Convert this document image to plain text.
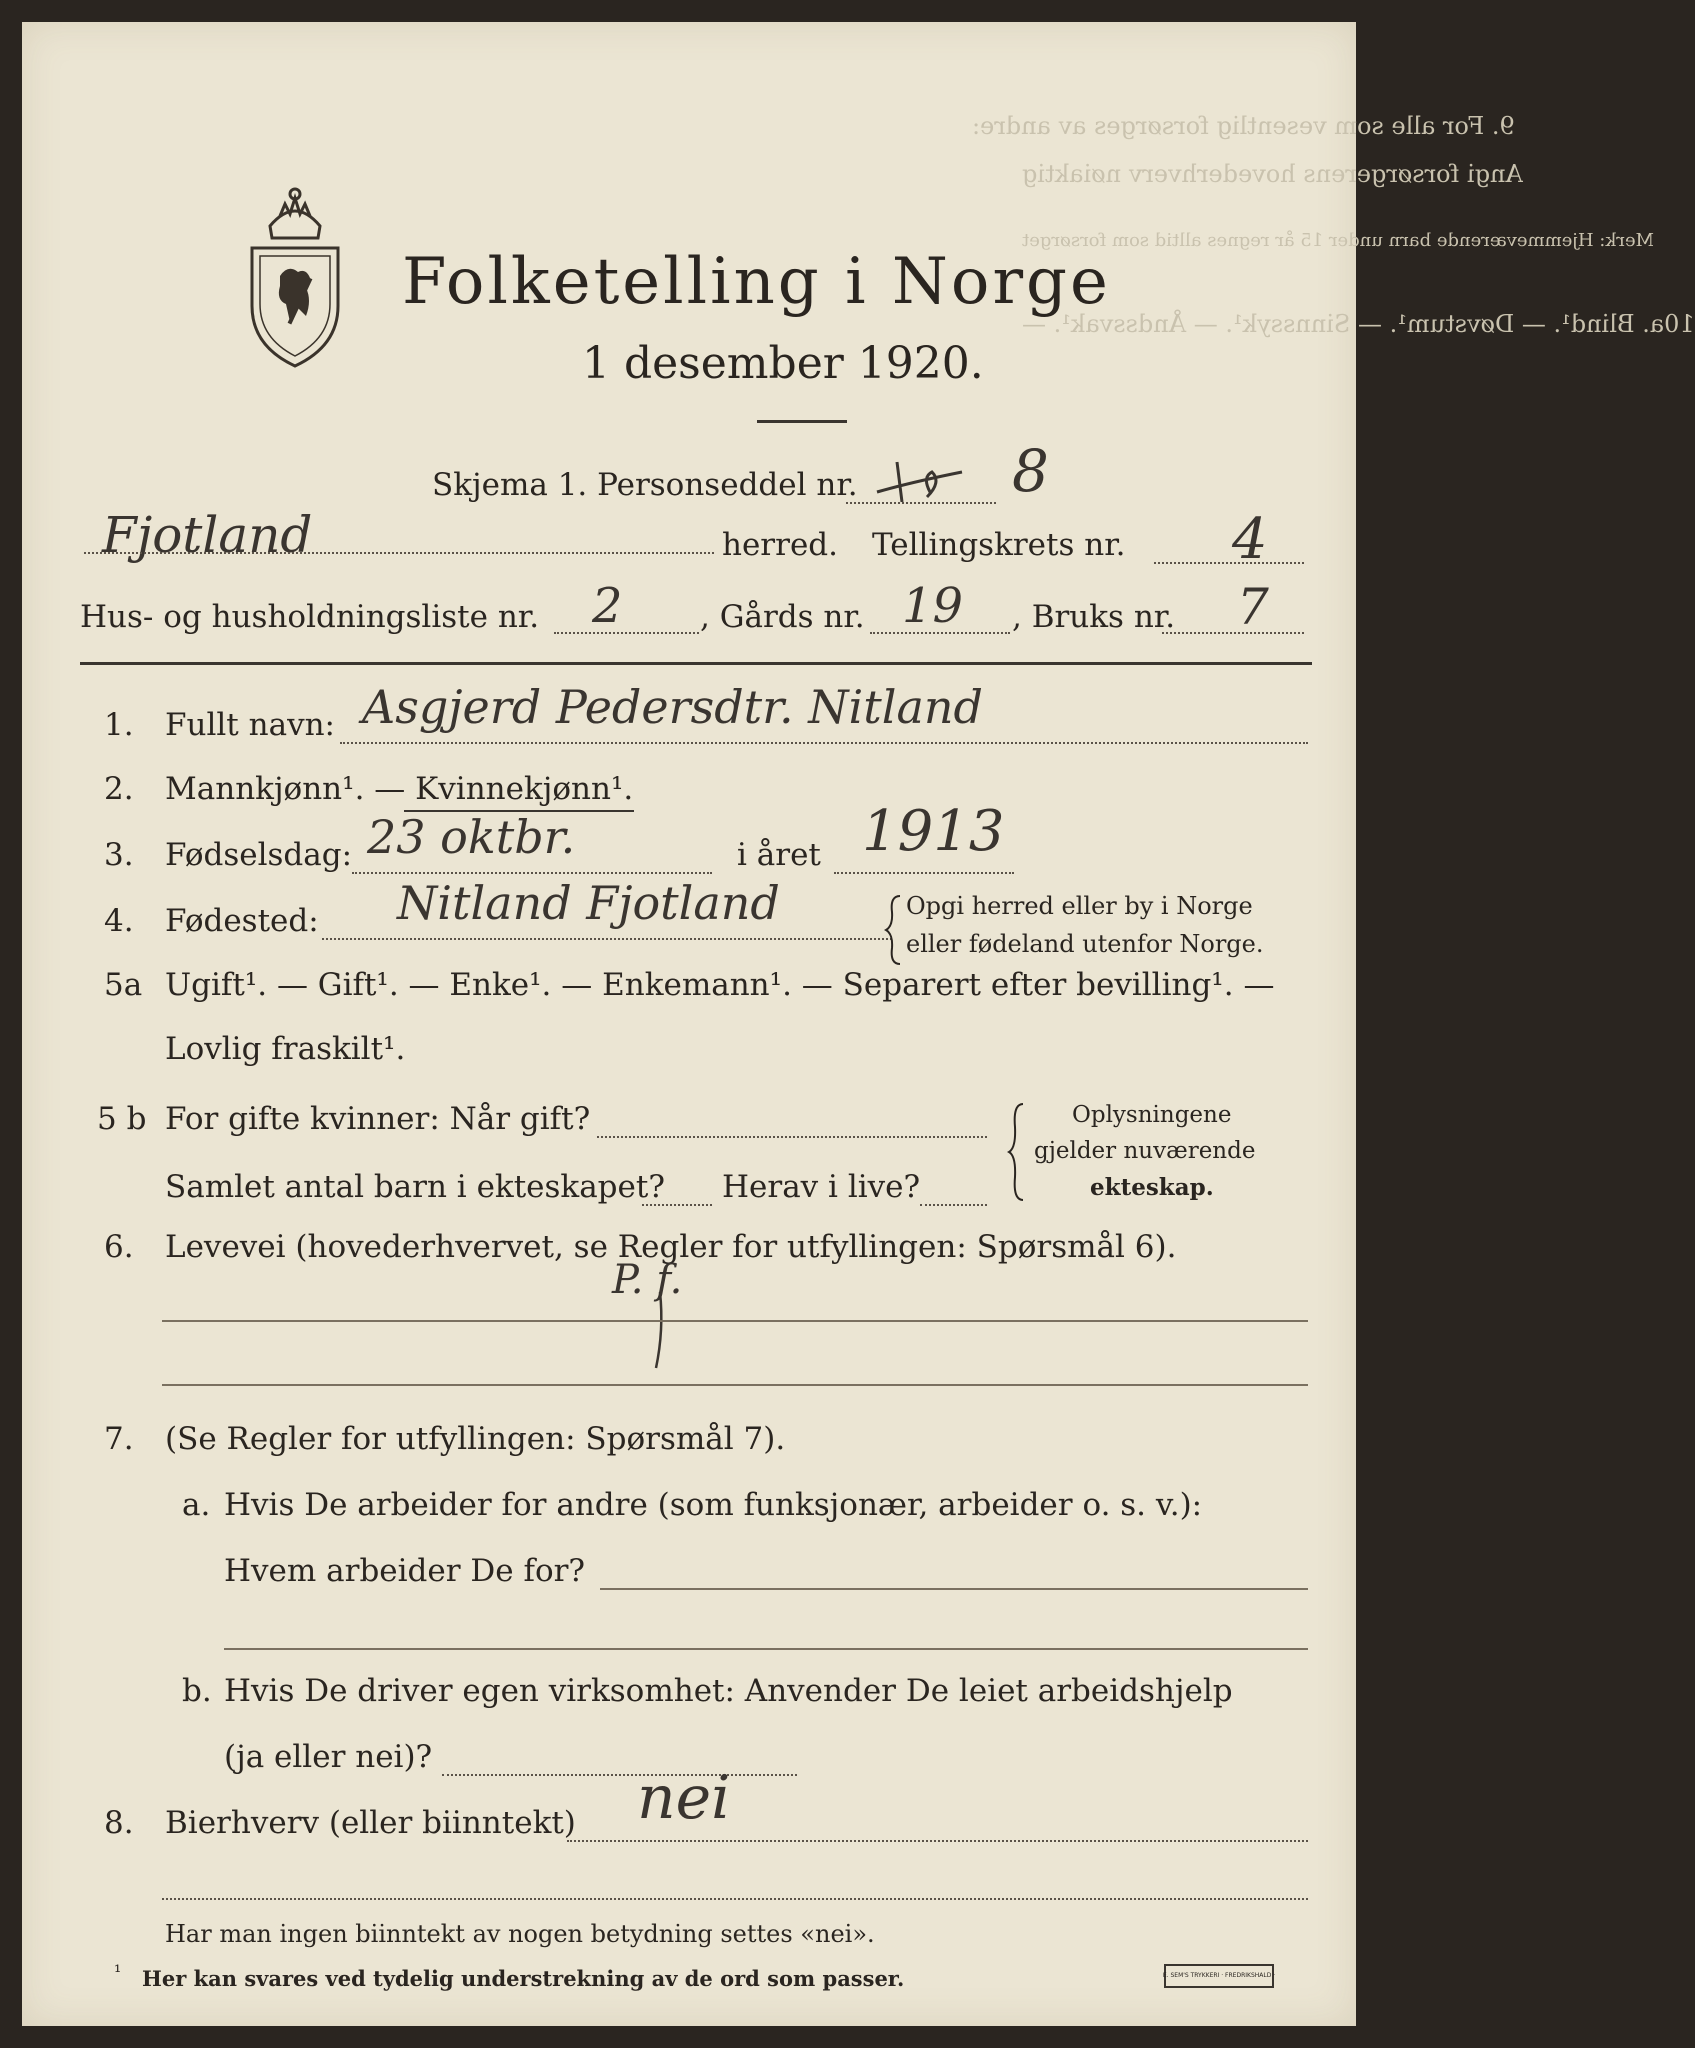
9. For alle som vesentlig forsørges av andre:
Angi forsørgerens hovederhverv nøiaktig
Merk: Hjemmeværende barn under 15 år regnes alltid som forsørget
10a. Blind¹. — Døvstum¹. — Sinnssyk¹. — Åndssvak¹. —
Folketelling i Norge
1 desember 1920.
Skjema 1. Personseddel nr.	8
Fjotland	herred. Tellingskrets nr. 4
Hus- og husholdningsliste nr. 2 , Gårds nr. 19 , Bruks nr. 7
1. Fullt navn: Asgjerd Pedersdtr. Nitland
2. Mannkjønn¹. — Kvinnekjønn¹.
3. Fødselsdag: 23 oktbr.	i året 1913
4. Fødested: Nitland Fjotland	Opgi herred eller by i Norge
eller fødeland utenfor Norge.
5a Ugift¹. — Gift¹. — Enke¹. — Enkemann¹. — Separert efter bevilling¹. —
Lovlig fraskilt¹.
5 b For gifte kvinner: Når gift?
Samlet antal barn i ekteskapet? Herav i live?
Oplysningene
gjelder nuværende
ekteskap.
6. Levevei (hovederhvervet, se Regler for utfyllingen: Spørsmål 6).
P. f.
7. (Se Regler for utfyllingen: Spørsmål 7).
a. Hvis De arbeider for andre (som funksjonær, arbeider o. s. v.):
Hvem arbeider De for?
b. Hvis De driver egen virksomhet: Anvender De leiet arbeidshjelp
(ja eller nei)?
8. Bierhverv (eller biinntekt) nei
Har man ingen biinntekt av nogen betydning settes «nei».
¹ Her kan svares ved tydelig understrekning av de ord som passer.	E. SEM'S TRYKKERI · FREDRIKSHALD ·
